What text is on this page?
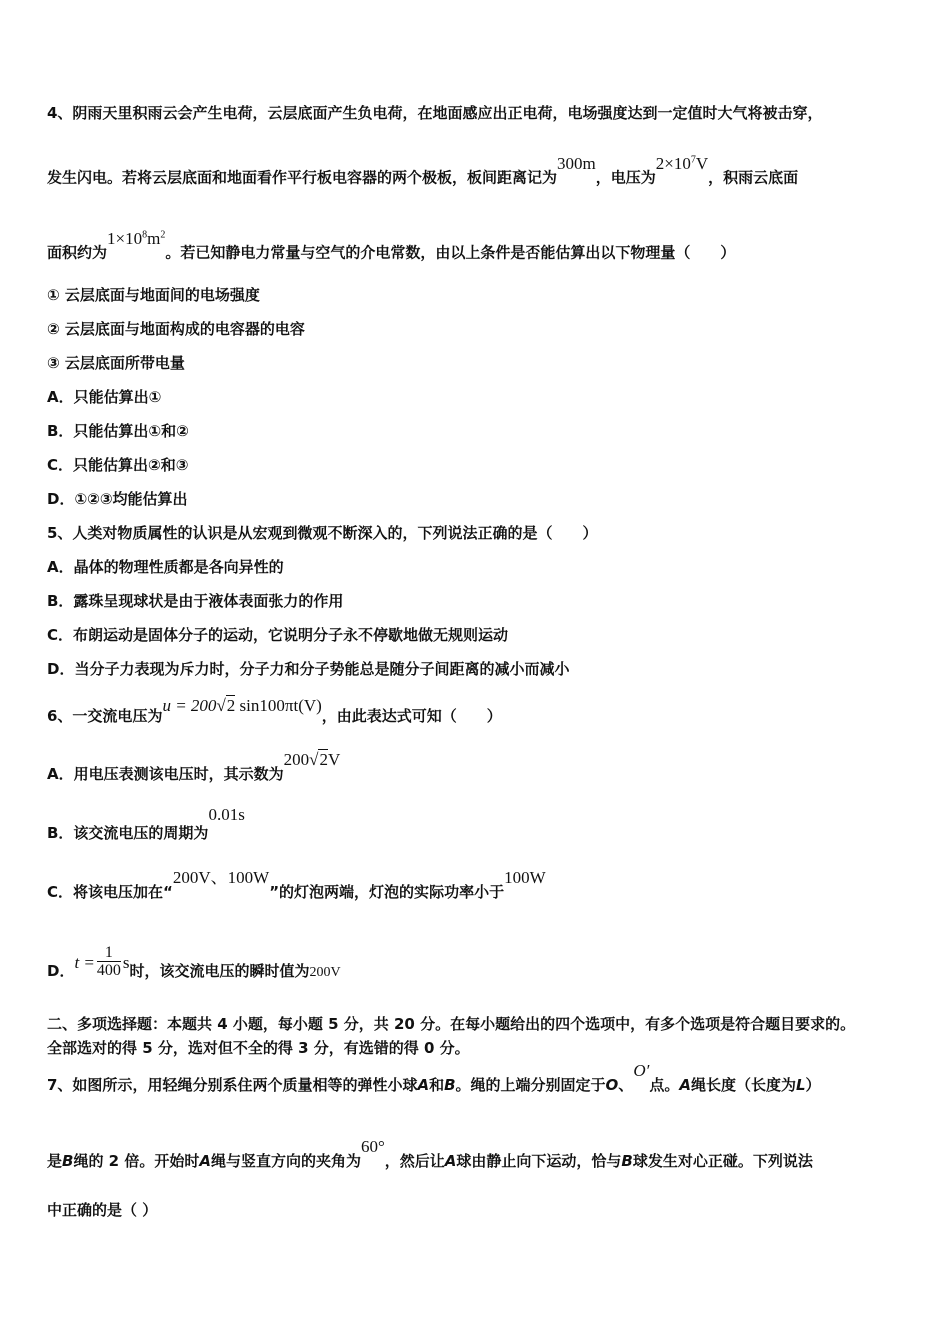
4、阴雨天里积雨云会产生电荷，云层底面产生负电荷，在地面感应出正电荷，电场强度达到一定值时大气将被击穿，
发生闪电。若将云层底面和地面看作平行板电容器的两个极板，板间距离记为300m，电压为$2\times 10^7V$，积雨云底面
面积约为$1\times 10^8m^2$。若已知静电力常量与空气的介电常数，由以上条件是否能估算出以下物理量（　　）
① 云层底面与地面间的电场强度
② 云层底面与地面构成的电容器的电容
③ 云层底面所带电量
A．只能估算出①
B．只能估算出①和②
C．只能估算出②和③
D．①②③均能估算出
5、人类对物质属性的认识是从宏观到微观不断深入的，下列说法正确的是（　　）
A．晶体的物理性质都是各向异性的
B．露珠呈现球状是由于液体表面张力的作用
C．布朗运动是固体分子的运动，它说明分子永不停歇地做无规则运动
D．当分子力表现为斥力时，分子力和分子势能总是随分子间距离的减小而减小
6、一交流电压为u = 200√2 sin100πt(V)，由此表达式可知（　　）
A．用电压表测该电压时，其示数为200√2V
B．该交流电压的周期为0.01s
C．将该电压加在“200V、100W”的灯泡两端，灯泡的实际功率小于100W
D．$t = \frac{1}{400}$ s时，该交流电压的瞬时值为200V
二、多项选择题：本题共 4 小题，每小题 5 分，共 20 分。在每小题给出的四个选项中，有多个选项是符合题目要求的。
全部选对的得 5 分，选对但不全的得 3 分，有选错的得 0 分。
7、如图所示，用轻绳分别系住两个质量相等的弹性小球A和B。绳的上端分别固定于O、O′点。A绳长度（长度为L）
是B绳的 2 倍。开始时A绳与竖直方向的夹角为60°，然后让A球由静止向下运动，恰与B球发生对心正碰。下列说法
中正确的是（ ）
